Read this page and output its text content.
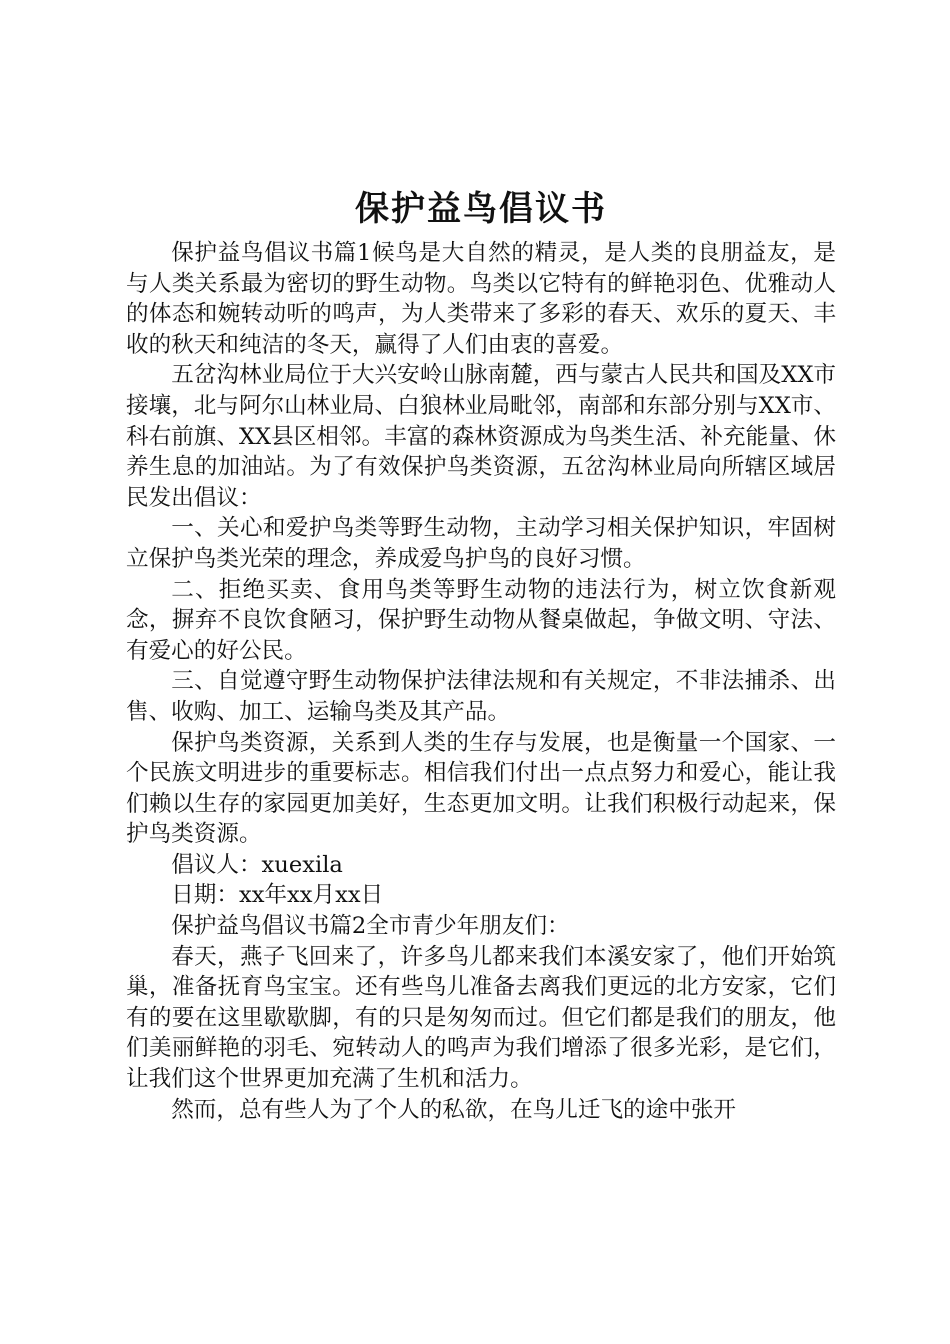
保护益鸟倡议书

保护益鸟倡议书篇1候鸟是大自然的精灵，是人类的良朋益友，是与人类关系最为密切的野生动物。鸟类以它特有的鲜艳羽色、优雅动人的体态和婉转动听的鸣声，为人类带来了多彩的春天、欢乐的夏天、丰收的秋天和纯洁的冬天，赢得了人们由衷的喜爱。

五岔沟林业局位于大兴安岭山脉南麓，西与蒙古人民共和国及XX市接壤，北与阿尔山林业局、白狼林业局毗邻，南部和东部分别与XX市、科右前旗、XX县区相邻。丰富的森林资源成为鸟类生活、补充能量、休养生息的加油站。为了有效保护鸟类资源，五岔沟林业局向所辖区域居民发出倡议：

一、关心和爱护鸟类等野生动物，主动学习相关保护知识，牢固树立保护鸟类光荣的理念，养成爱鸟护鸟的良好习惯。

二、拒绝买卖、食用鸟类等野生动物的违法行为，树立饮食新观念，摒弃不良饮食陋习，保护野生动物从餐桌做起，争做文明、守法、有爱心的好公民。

三、自觉遵守野生动物保护法律法规和有关规定，不非法捕杀、出售、收购、加工、运输鸟类及其产品。

保护鸟类资源，关系到人类的生存与发展，也是衡量一个国家、一个民族文明进步的重要标志。相信我们付出一点点努力和爱心，能让我们赖以生存的家园更加美好，生态更加文明。让我们积极行动起来，保护鸟类资源。

倡议人：xuexila

日期：xx年xx月xx日

保护益鸟倡议书篇2全市青少年朋友们：

春天，燕子飞回来了，许多鸟儿都来我们本溪安家了，他们开始筑巢，准备抚育鸟宝宝。还有些鸟儿准备去离我们更远的北方安家，它们有的要在这里歇歇脚，有的只是匆匆而过。但它们都是我们的朋友，他们美丽鲜艳的羽毛、宛转动人的鸣声为我们增添了很多光彩，是它们，让我们这个世界更加充满了生机和活力。

然而，总有些人为了个人的私欲，在鸟儿迁飞的途中张开
